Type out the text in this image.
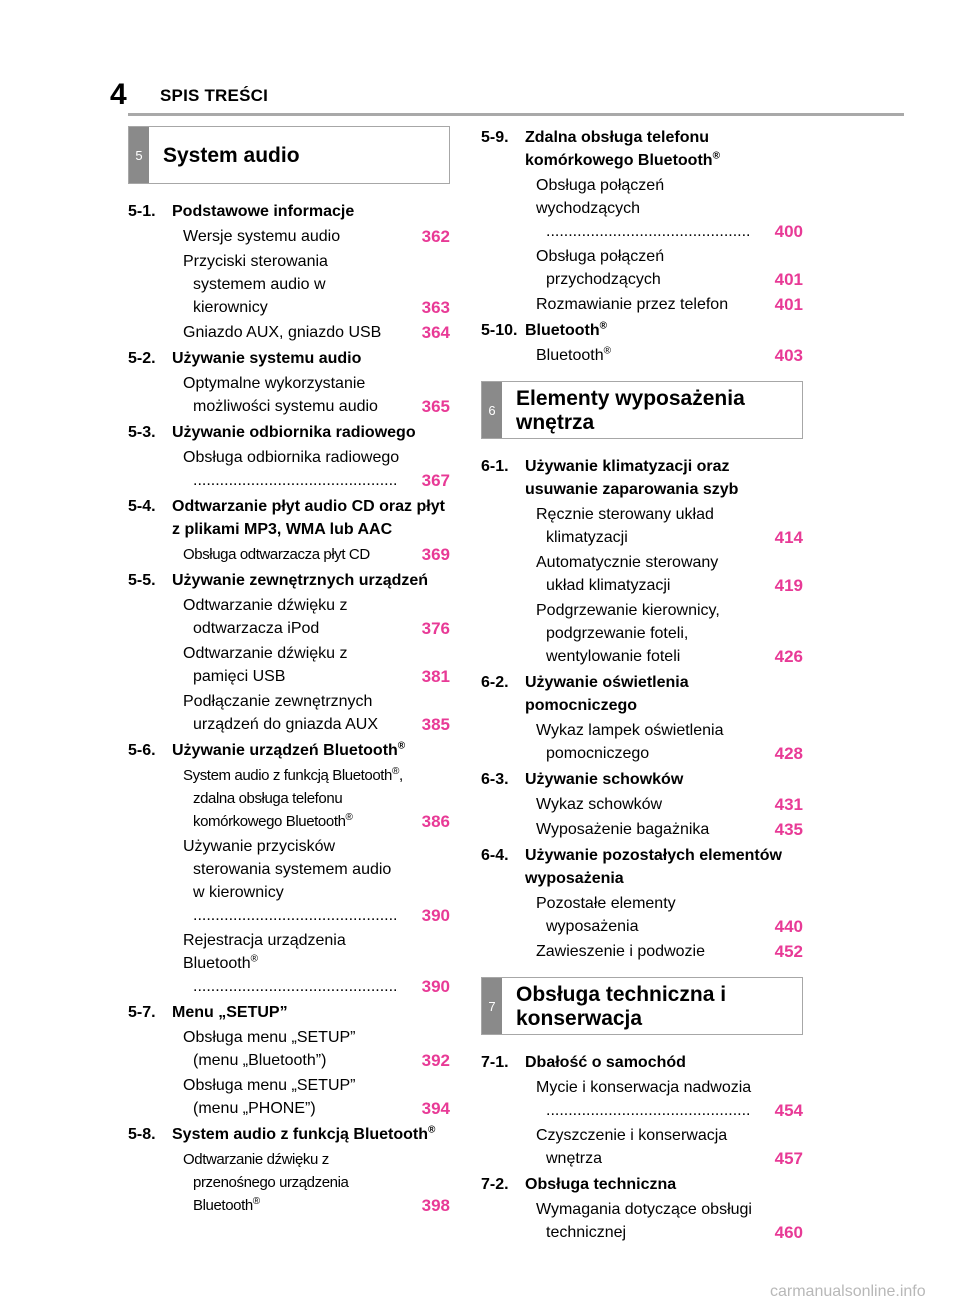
4 SPIS TREŚCI
5 System audio
5-1. Podstawowe informacje
Wersje systemu audio	362
Przyciski sterowania systemem audio w kierownicy	363
Gniazdo AUX, gniazdo USB	364
5-2. Używanie systemu audio
Optymalne wykorzystanie możliwości systemu audio	365
5-3. Używanie odbiornika radiowego
Obsługa odbiornika radiowego
..............................................	367
5-4. Odtwarzanie płyt audio CD oraz płyt z plikami MP3, WMA lub AAC
Obsługa odtwarzacza płyt CD	369
5-5. Używanie zewnętrznych urządzeń
Odtwarzanie dźwięku z odtwarzacza iPod	376
Odtwarzanie dźwięku z pamięci USB	381
Podłączanie zewnętrznych urządzeń do gniazda AUX	385
5-6. Używanie urządzeń Bluetooth®
System audio z funkcją Bluetooth®, zdalna obsługa telefonu komórkowego Bluetooth®	386
Używanie przycisków sterowania systemem audio w kierownicy
..............................................	390
Rejestracja urządzenia Bluetooth®
..............................................	390
5-7. Menu „SETUP”
Obsługa menu „SETUP” (menu „Bluetooth”)	392
Obsługa menu „SETUP” (menu „PHONE”)	394
5-8. System audio z funkcją Bluetooth®
Odtwarzanie dźwięku z przenośnego urządzenia Bluetooth®	398
5-9. Zdalna obsługa telefonu komórkowego Bluetooth®
Obsługa połączeń wychodzących
..............................................	400
Obsługa połączeń przychodzących	401
Rozmawianie przez telefon	401
5-10. Bluetooth®
Bluetooth®	403
6 Elementy wyposażenia wnętrza
6-1. Używanie klimatyzacji oraz usuwanie zaparowania szyb
Ręcznie sterowany układ klimatyzacji	414
Automatycznie sterowany układ klimatyzacji	419
Podgrzewanie kierownicy, podgrzewanie foteli, wentylowanie foteli	426
6-2. Używanie oświetlenia pomocniczego
Wykaz lampek oświetlenia pomocniczego	428
6-3. Używanie schowków
Wykaz schowków	431
Wyposażenie bagażnika	435
6-4. Używanie pozostałych elementów wyposażenia
Pozostałe elementy wyposażenia	440
Zawieszenie i podwozie	452
7 Obsługa techniczna i konserwacja
7-1. Dbałość o samochód
Mycie i konserwacja nadwozia
..............................................	454
Czyszczenie i konserwacja wnętrza	457
7-2. Obsługa techniczna
Wymagania dotyczące obsługi technicznej	460
carmanualsonline.info
